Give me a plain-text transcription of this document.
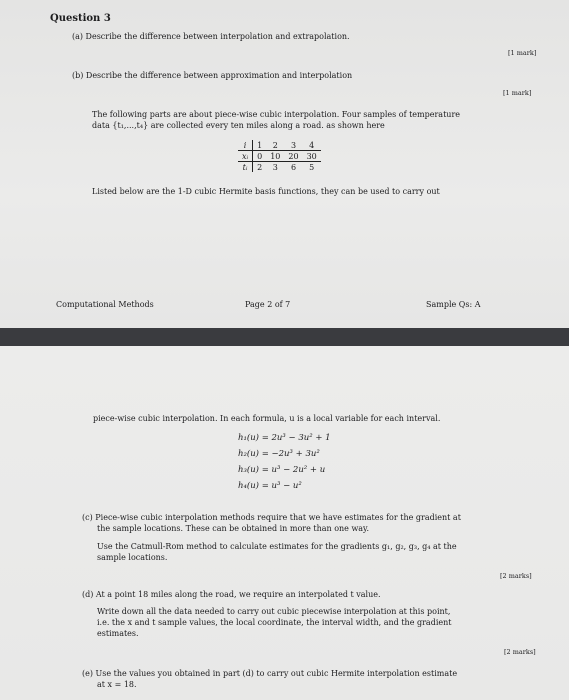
Question 3
(a) Describe the difference between interpolation and extrapolation.
[1 mark]
(b) Describe the difference between approximation and interpolation
[1 mark]
The following parts are about piece-wise cubic interpolation. Four samples of temperature
data {t₁,...,t₄} are collected every ten miles along a road. as shown here
i	1	2	3	4
xᵢ	0	10	20	30
tᵢ	2	3	6	5
Listed below are the 1-D cubic Hermite basis functions, they can be used to carry out
Computational Methods	Page 2 of 7	Sample Qs: A
piece-wise cubic interpolation. In each formula, u is a local variable for each interval.
h₁(u) = 2u³ − 3u² + 1
h₂(u) = −2u³ + 3u²
h₃(u) = u³ − 2u² + u
h₄(u) = u³ − u²
(c) Piece-wise cubic interpolation methods require that we have estimates for the gradient at
the sample locations. These can be obtained in more than one way.
Use the Catmull-Rom method to calculate estimates for the gradients g₁, g₂, g₃, g₄ at the
sample locations.
[2 marks]
(d) At a point 18 miles along the road, we require an interpolated t value.
Write down all the data needed to carry out cubic piecewise interpolation at this point,
i.e. the x and t sample values, the local coordinate, the interval width, and the gradient
estimates.
[2 marks]
(e) Use the values you obtained in part (d) to carry out cubic Hermite interpolation estimate
at x = 18.
